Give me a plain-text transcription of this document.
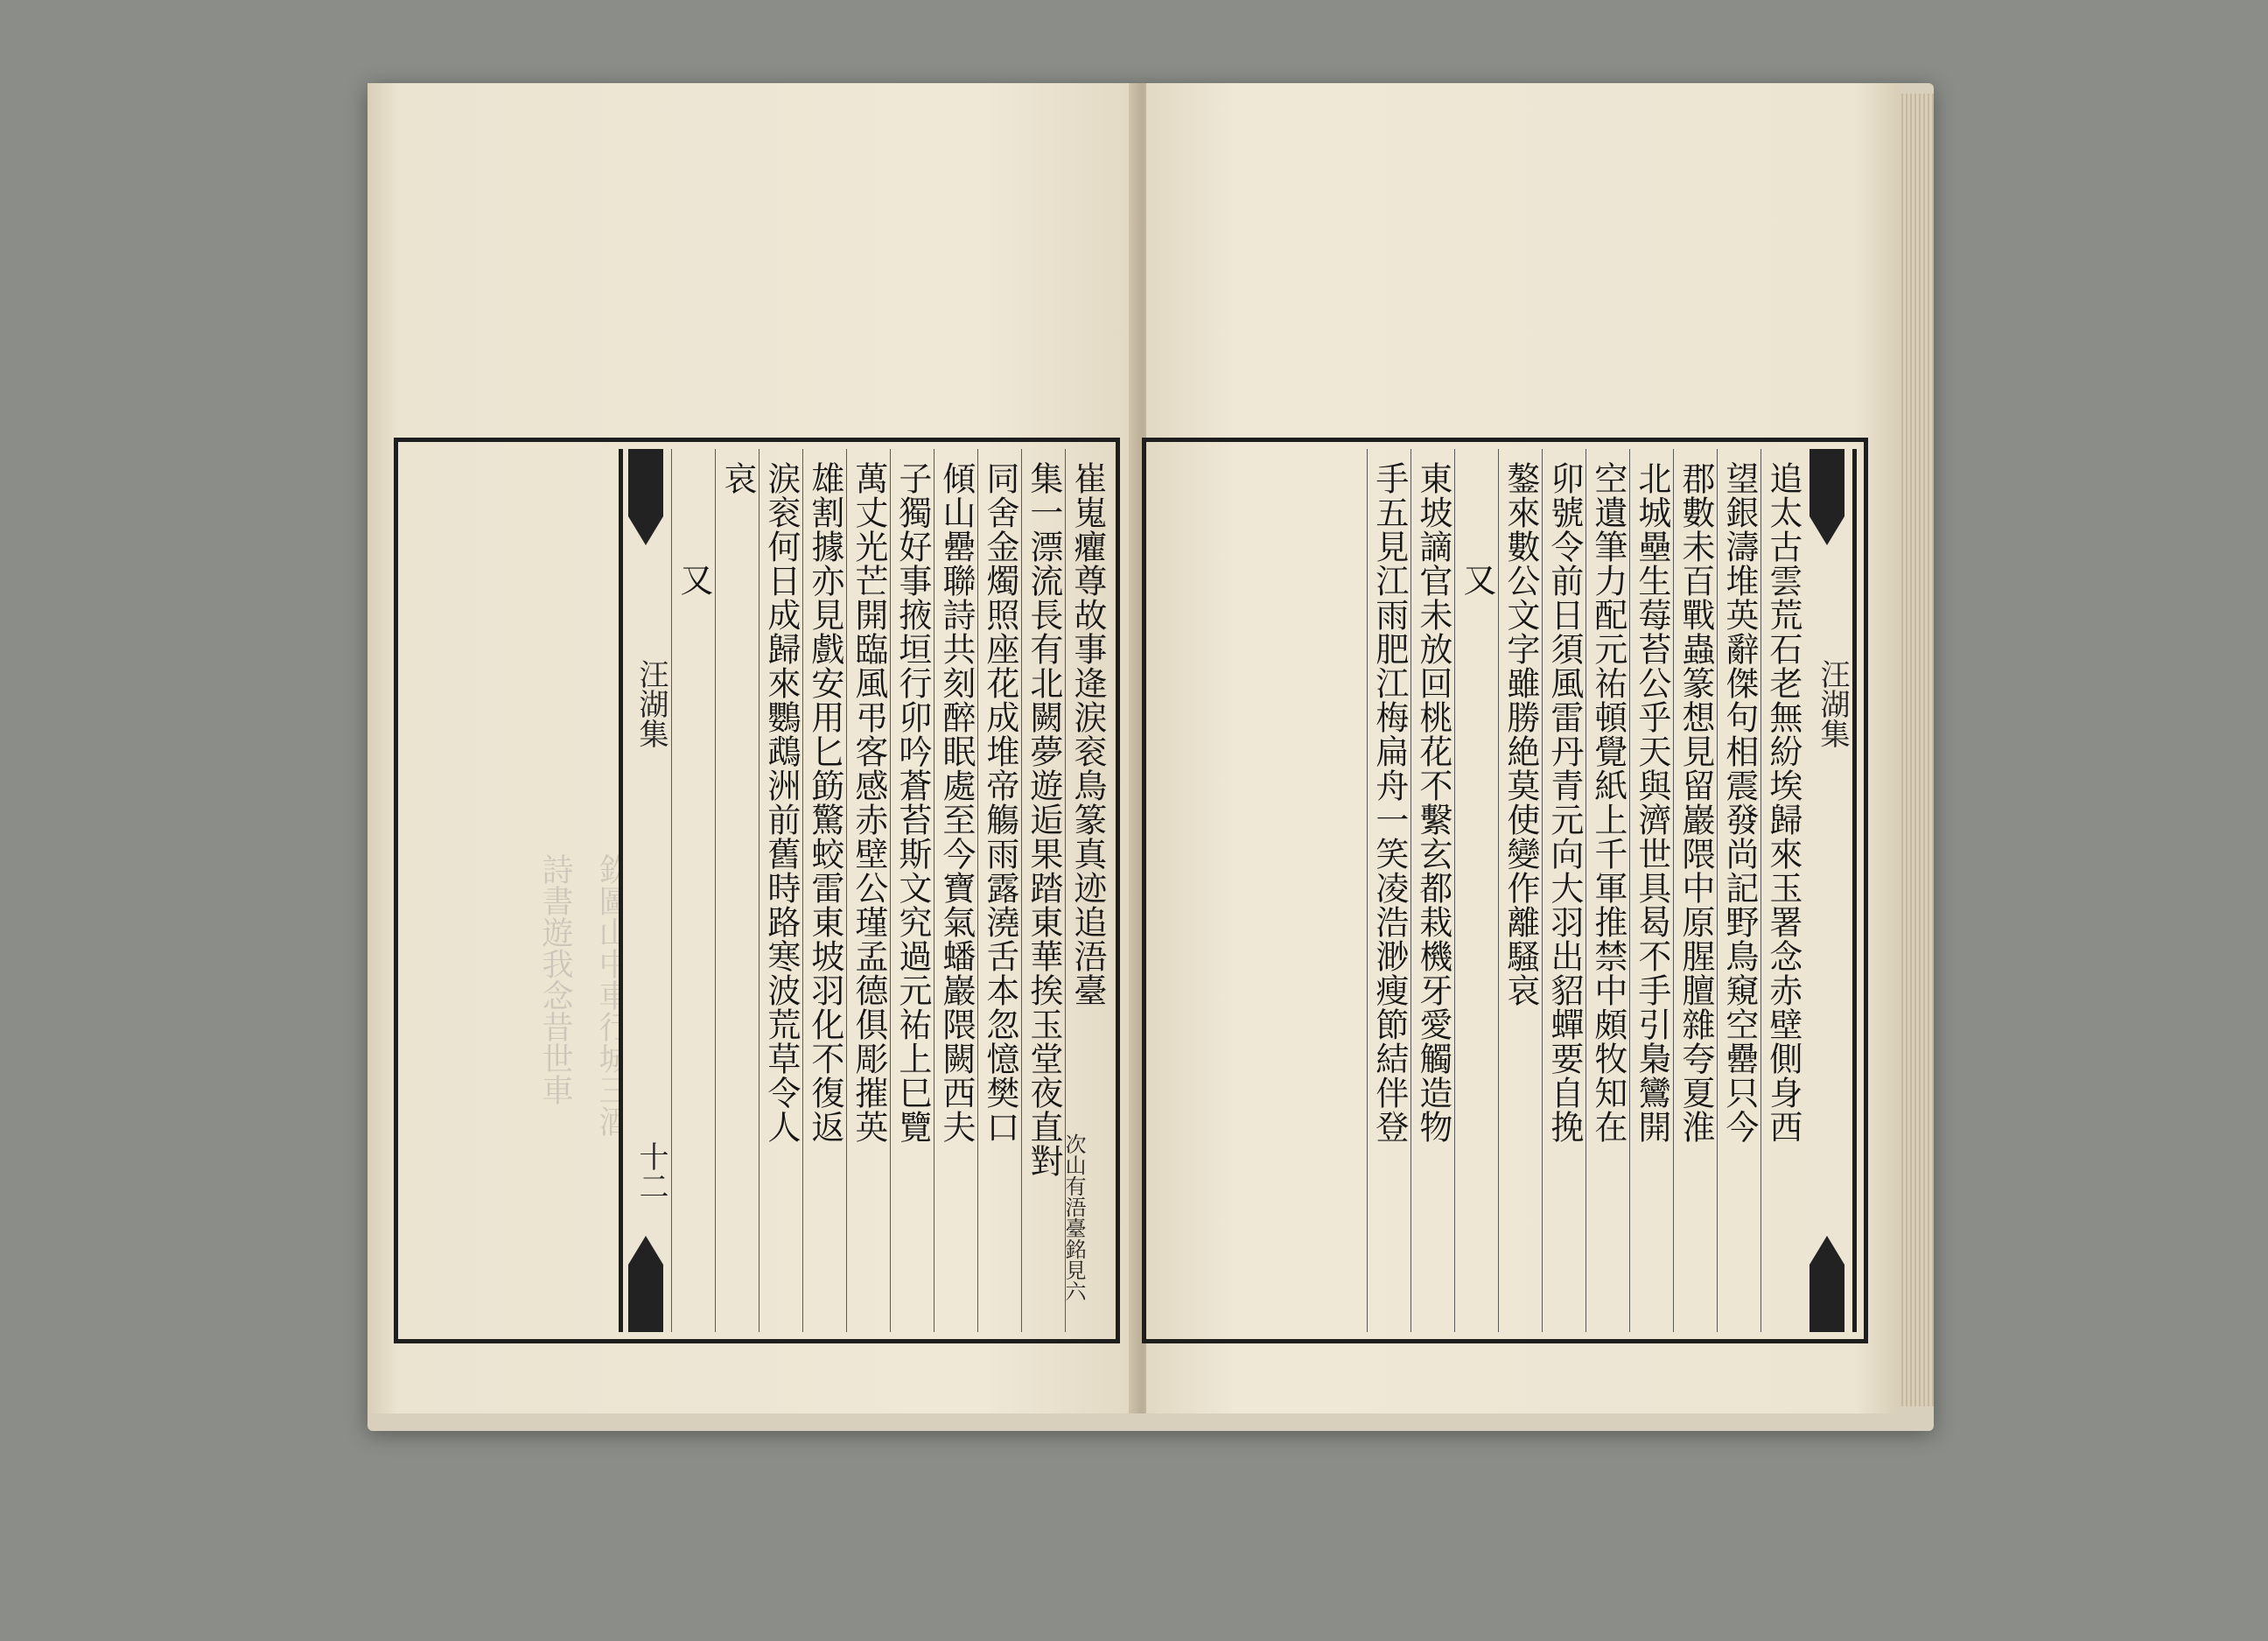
欽圖山中車行城三酒
詩書遊我念昔世車	崔嵬癯尊故事逄涙衮鳥篆真迹追浯臺
集一漂流長有北闕夢遊逅果踏東華挨玉堂夜直對
同舍金燭照座花成堆帝觴雨露澆舌本忽憶樊口
傾山罍聯詩共刻醉眠處至今寶氣蟠巖隈闕西夫
子獨好事掖垣行卯吟蒼苔斯文究過元祐上巳覽
萬丈光芒開臨風弔客感赤壁公瑾孟德俱彫摧英
雄割據亦見戲安用匕筯驚蛟雷東坡羽化不復返
涙衮何日成歸來鸚鵡洲前舊時路寒波荒草令人
哀
又
汪湖集
十二
汪湖集
追太古雲荒石老無紛埃歸來玉署念赤壁側身西
望銀濤堆英辭傑句相震發尚記野鳥窺空罍只今
郡數未百戰蟲篆想見留巖隈中原腥膻雜夸夏淮
北城壘生莓苔公乎天與濟世具曷不手引梟鸞開
空遺筆力配元祐頓覺紙上千軍推禁中頗牧知在
卯號令前日須風雷丹青元向大羽出貂蟬要自挽
鏊來數公文字雖勝絶莫使變作離騷哀
又
東坡謫官未放回桃花不繫玄都栽機牙愛觸造物
手五見江雨肥江梅扁舟一笑凌浩渺瘦節結伴登
次山有浯臺銘見六
